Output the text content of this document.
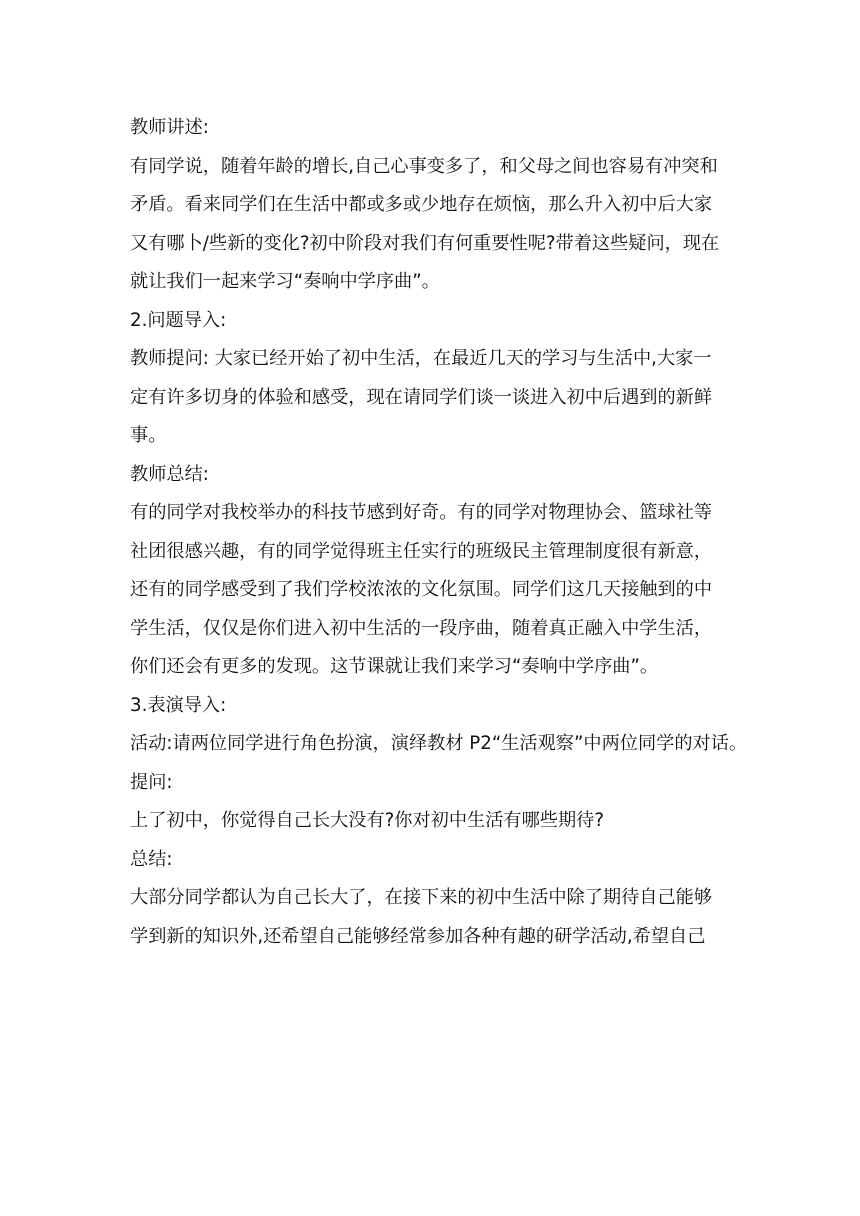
教师讲述:
有同学说，随着年龄的增长,自己心事变多了，和父母之间也容易有冲突和
矛盾。看来同学们在生活中都或多或少地存在烦恼，那么升入初中后大家
又有哪卜/些新的变化?初中阶段对我们有何重要性呢?带着这些疑问，现在
就让我们一起来学习“奏响中学序曲”。
2.问题导入:
教师提问: 大家已经开始了初中生活，在最近几天的学习与生活中,大家一
定有许多切身的体验和感受，现在请同学们谈一谈进入初中后遇到的新鲜
事。
教师总结:
有的同学对我校举办的科技节感到好奇。有的同学对物理协会、篮球社等
社团很感兴趣，有的同学觉得班主任实行的班级民主管理制度很有新意，
还有的同学感受到了我们学校浓浓的文化氛围。同学们这几天接触到的中
学生活，仅仅是你们进入初中生活的一段序曲，随着真正融入中学生活，
你们还会有更多的发现。这节课就让我们来学习“奏响中学序曲”。
3.表演导入:
活动:请两位同学进行角色扮演，演绎教材 P2“生活观察”中两位同学的对话。
提问:
上了初中，你觉得自己长大没有?你对初中生活有哪些期待?
总结:
大部分同学都认为自己长大了，在接下来的初中生活中除了期待自己能够
学到新的知识外,还希望自己能够经常参加各种有趣的研学活动,希望自己
